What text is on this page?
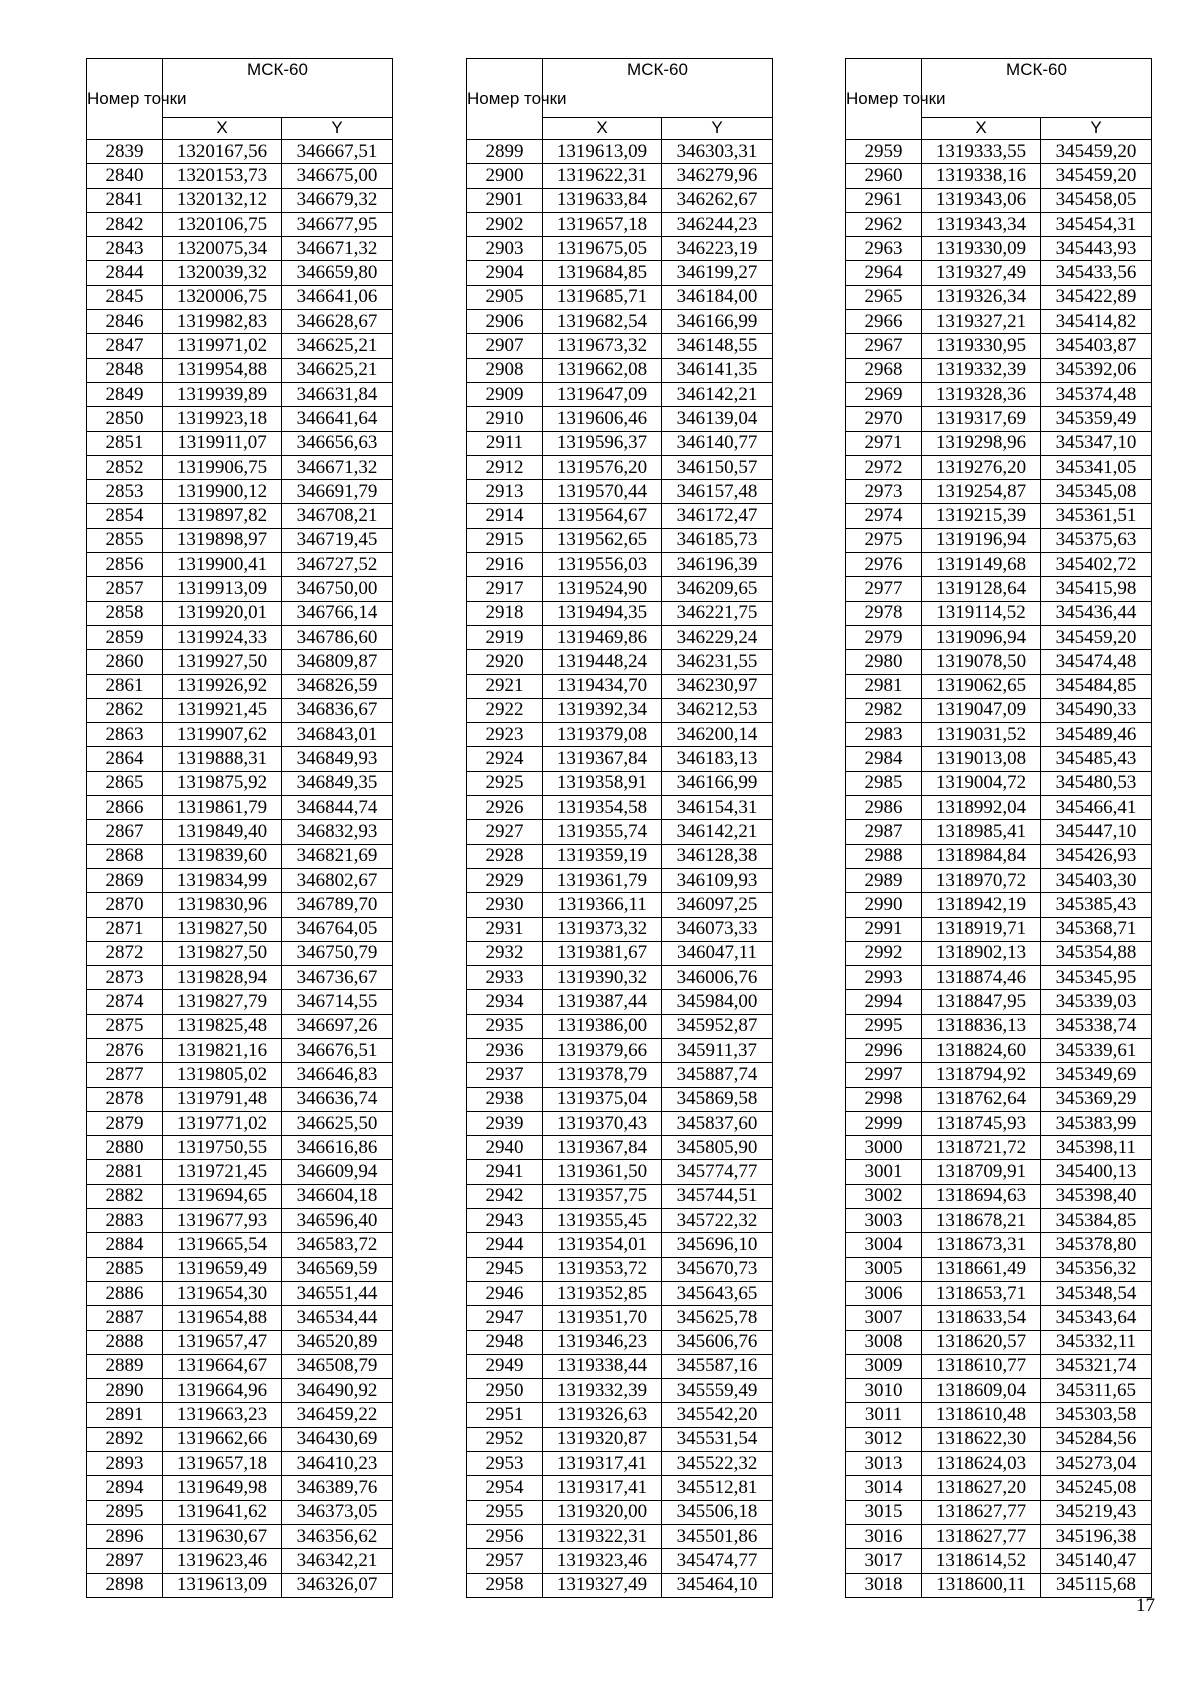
Номер точки	МСК-60	
	X	Y
2839	1320167,56	346667,51
2840	1320153,73	346675,00
2841	1320132,12	346679,32
2842	1320106,75	346677,95
2843	1320075,34	346671,32
2844	1320039,32	346659,80
2845	1320006,75	346641,06
2846	1319982,83	346628,67
2847	1319971,02	346625,21
2848	1319954,88	346625,21
2849	1319939,89	346631,84
2850	1319923,18	346641,64
2851	1319911,07	346656,63
2852	1319906,75	346671,32
2853	1319900,12	346691,79
2854	1319897,82	346708,21
2855	1319898,97	346719,45
2856	1319900,41	346727,52
2857	1319913,09	346750,00
2858	1319920,01	346766,14
2859	1319924,33	346786,60
2860	1319927,50	346809,87
2861	1319926,92	346826,59
2862	1319921,45	346836,67
2863	1319907,62	346843,01
2864	1319888,31	346849,93
2865	1319875,92	346849,35
2866	1319861,79	346844,74
2867	1319849,40	346832,93
2868	1319839,60	346821,69
2869	1319834,99	346802,67
2870	1319830,96	346789,70
2871	1319827,50	346764,05
2872	1319827,50	346750,79
2873	1319828,94	346736,67
2874	1319827,79	346714,55
2875	1319825,48	346697,26
2876	1319821,16	346676,51
2877	1319805,02	346646,83
2878	1319791,48	346636,74
2879	1319771,02	346625,50
2880	1319750,55	346616,86
2881	1319721,45	346609,94
2882	1319694,65	346604,18
2883	1319677,93	346596,40
2884	1319665,54	346583,72
2885	1319659,49	346569,59
2886	1319654,30	346551,44
2887	1319654,88	346534,44
2888	1319657,47	346520,89
2889	1319664,67	346508,79
2890	1319664,96	346490,92
2891	1319663,23	346459,22
2892	1319662,66	346430,69
2893	1319657,18	346410,23
2894	1319649,98	346389,76
2895	1319641,62	346373,05
2896	1319630,67	346356,62
2897	1319623,46	346342,21
2898	1319613,09	346326,07
Номер точки	МСК-60	
	X	Y
2899	1319613,09	346303,31
2900	1319622,31	346279,96
2901	1319633,84	346262,67
2902	1319657,18	346244,23
2903	1319675,05	346223,19
2904	1319684,85	346199,27
2905	1319685,71	346184,00
2906	1319682,54	346166,99
2907	1319673,32	346148,55
2908	1319662,08	346141,35
2909	1319647,09	346142,21
2910	1319606,46	346139,04
2911	1319596,37	346140,77
2912	1319576,20	346150,57
2913	1319570,44	346157,48
2914	1319564,67	346172,47
2915	1319562,65	346185,73
2916	1319556,03	346196,39
2917	1319524,90	346209,65
2918	1319494,35	346221,75
2919	1319469,86	346229,24
2920	1319448,24	346231,55
2921	1319434,70	346230,97
2922	1319392,34	346212,53
2923	1319379,08	346200,14
2924	1319367,84	346183,13
2925	1319358,91	346166,99
2926	1319354,58	346154,31
2927	1319355,74	346142,21
2928	1319359,19	346128,38
2929	1319361,79	346109,93
2930	1319366,11	346097,25
2931	1319373,32	346073,33
2932	1319381,67	346047,11
2933	1319390,32	346006,76
2934	1319387,44	345984,00
2935	1319386,00	345952,87
2936	1319379,66	345911,37
2937	1319378,79	345887,74
2938	1319375,04	345869,58
2939	1319370,43	345837,60
2940	1319367,84	345805,90
2941	1319361,50	345774,77
2942	1319357,75	345744,51
2943	1319355,45	345722,32
2944	1319354,01	345696,10
2945	1319353,72	345670,73
2946	1319352,85	345643,65
2947	1319351,70	345625,78
2948	1319346,23	345606,76
2949	1319338,44	345587,16
2950	1319332,39	345559,49
2951	1319326,63	345542,20
2952	1319320,87	345531,54
2953	1319317,41	345522,32
2954	1319317,41	345512,81
2955	1319320,00	345506,18
2956	1319322,31	345501,86
2957	1319323,46	345474,77
2958	1319327,49	345464,10
Номер точки	МСК-60	
	X	Y
2959	1319333,55	345459,20
2960	1319338,16	345459,20
2961	1319343,06	345458,05
2962	1319343,34	345454,31
2963	1319330,09	345443,93
2964	1319327,49	345433,56
2965	1319326,34	345422,89
2966	1319327,21	345414,82
2967	1319330,95	345403,87
2968	1319332,39	345392,06
2969	1319328,36	345374,48
2970	1319317,69	345359,49
2971	1319298,96	345347,10
2972	1319276,20	345341,05
2973	1319254,87	345345,08
2974	1319215,39	345361,51
2975	1319196,94	345375,63
2976	1319149,68	345402,72
2977	1319128,64	345415,98
2978	1319114,52	345436,44
2979	1319096,94	345459,20
2980	1319078,50	345474,48
2981	1319062,65	345484,85
2982	1319047,09	345490,33
2983	1319031,52	345489,46
2984	1319013,08	345485,43
2985	1319004,72	345480,53
2986	1318992,04	345466,41
2987	1318985,41	345447,10
2988	1318984,84	345426,93
2989	1318970,72	345403,30
2990	1318942,19	345385,43
2991	1318919,71	345368,71
2992	1318902,13	345354,88
2993	1318874,46	345345,95
2994	1318847,95	345339,03
2995	1318836,13	345338,74
2996	1318824,60	345339,61
2997	1318794,92	345349,69
2998	1318762,64	345369,29
2999	1318745,93	345383,99
3000	1318721,72	345398,11
3001	1318709,91	345400,13
3002	1318694,63	345398,40
3003	1318678,21	345384,85
3004	1318673,31	345378,80
3005	1318661,49	345356,32
3006	1318653,71	345348,54
3007	1318633,54	345343,64
3008	1318620,57	345332,11
3009	1318610,77	345321,74
3010	1318609,04	345311,65
3011	1318610,48	345303,58
3012	1318622,30	345284,56
3013	1318624,03	345273,04
3014	1318627,20	345245,08
3015	1318627,77	345219,43
3016	1318627,77	345196,38
3017	1318614,52	345140,47
3018	1318600,11	345115,68
17
